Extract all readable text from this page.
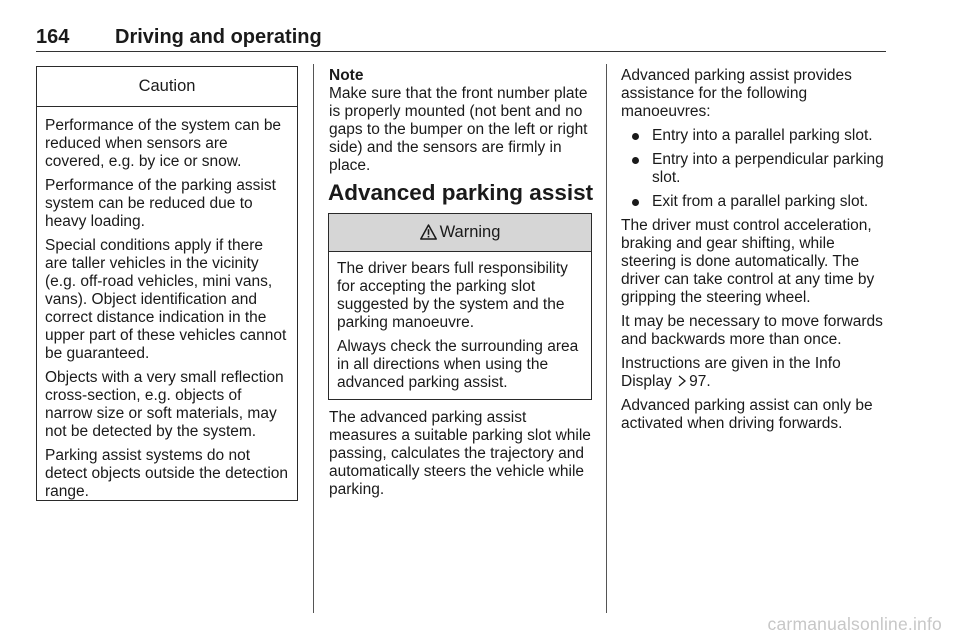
164 Driving and operating
Caution

Performance of the system can be reduced when sensors are covered, e.g. by ice or snow.

Performance of the parking assist system can be reduced due to heavy loading.

Special conditions apply if there are taller vehicles in the vicinity (e.g. off-road vehicles, mini vans, vans). Object identification and correct distance indication in the upper part of these vehicles cannot be guaranteed.

Objects with a very small reflection cross-section, e.g. objects of narrow size or soft materials, may not be detected by the system.

Parking assist systems do not detect objects outside the detection range.

Note

Make sure that the front number plate is properly mounted (not bent and no gaps to the bumper on the left or right side) and the sensors are firmly in place.

Advanced parking assist
Warning

The driver bears full responsibility for accepting the parking slot suggested by the system and the parking manoeuvre.

Always check the surrounding area in all directions when using the advanced parking assist.

The advanced parking assist measures a suitable parking slot while passing, calculates the trajectory and automatically steers the vehicle while parking.

Advanced parking assist provides assistance for the following manoeuvres:

Entry into a parallel parking slot.
Entry into a perpendicular parking slot.
Exit from a parallel parking slot.

The driver must control acceleration, braking and gear shifting, while steering is done automatically. The driver can take control at any time by gripping the steering wheel.

It may be necessary to move forwards and backwards more than once.

Instructions are given in the Info Display 97.

Advanced parking assist can only be activated when driving forwards.

carmanualsonline.info
